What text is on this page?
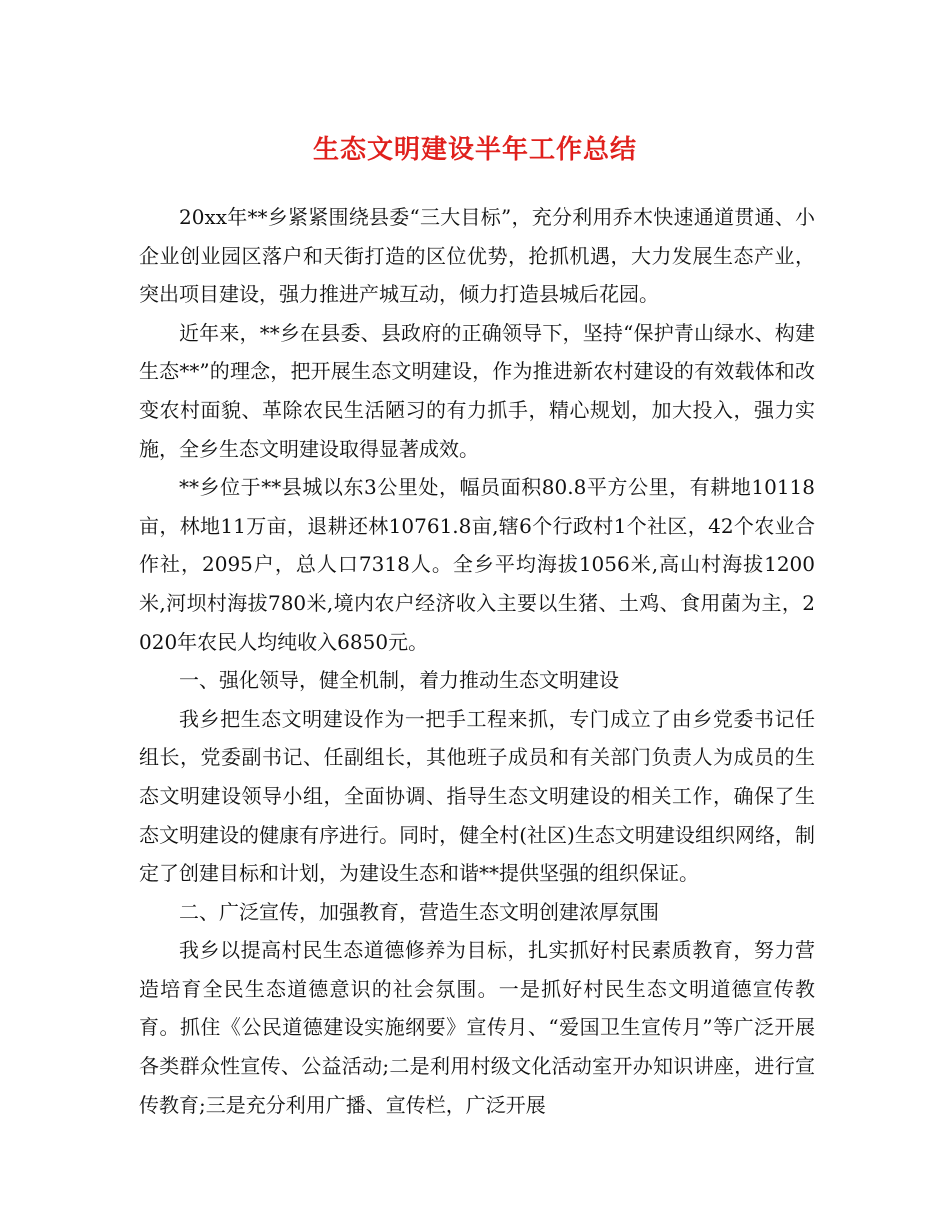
生态文明建设半年工作总结

20xx年**乡紧紧围绕县委“三大目标”，充分利用乔木快速通道贯通、小企业创业园区落户和天街打造的区位优势，抢抓机遇，大力发展生态产业，突出项目建设，强力推进产城互动，倾力打造县城后花园。

近年来，**乡在县委、县政府的正确领导下，坚持“保护青山绿水、构建生态**”的理念，把开展生态文明建设，作为推进新农村建设的有效载体和改变农村面貌、革除农民生活陋习的有力抓手，精心规划，加大投入，强力实施，全乡生态文明建设取得显著成效。

**乡位于**县城以东3公里处，幅员面积80.8平方公里，有耕地10118亩，林地11万亩，退耕还林10761.8亩,辖6个行政村1个社区，42个农业合作社，2095户，总人口7318人。全乡平均海拔1056米,高山村海拔1200米,河坝村海拔780米,境内农户经济收入主要以生猪、土鸡、食用菌为主，2020年农民人均纯收入6850元。

一、强化领导，健全机制，着力推动生态文明建设

我乡把生态文明建设作为一把手工程来抓，专门成立了由乡党委书记任组长，党委副书记、任副组长，其他班子成员和有关部门负责人为成员的生态文明建设领导小组，全面协调、指导生态文明建设的相关工作，确保了生态文明建设的健康有序进行。同时，健全村(社区)生态文明建设组织网络，制定了创建目标和计划，为建设生态和谐**提供坚强的组织保证。

二、广泛宣传，加强教育，营造生态文明创建浓厚氛围

我乡以提高村民生态道德修养为目标，扎实抓好村民素质教育，努力营造培育全民生态道德意识的社会氛围。一是抓好村民生态文明道德宣传教育。抓住《公民道德建设实施纲要》宣传月、“爱国卫生宣传月”等广泛开展各类群众性宣传、公益活动;二是利用村级文化活动室开办知识讲座，进行宣传教育;三是充分利用广播、宣传栏，广泛开展
